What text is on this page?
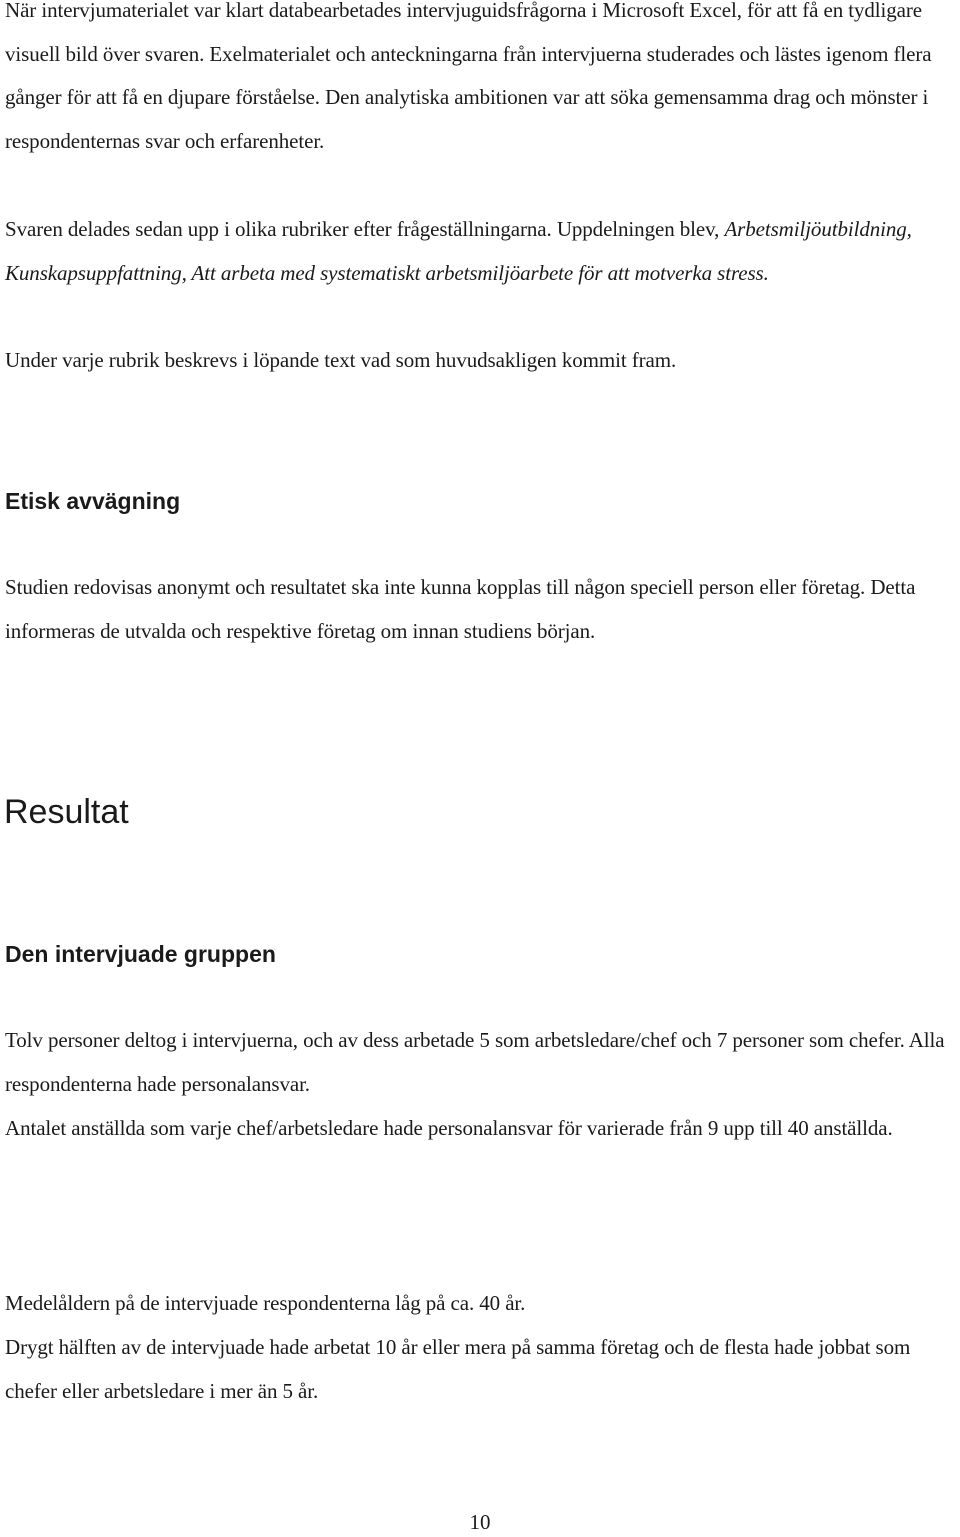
När intervjumaterialet var klart databearbetades intervjuguidsfrågorna i Microsoft Excel, för att få en tydligare visuell bild över svaren. Exelmaterialet och anteckningarna från intervjuerna studerades och lästes igenom flera gånger för att få en djupare förståelse. Den analytiska ambitionen var att söka gemensamma drag och mönster i respondenternas svar och erfarenheter.

Svaren delades sedan upp i olika rubriker efter frågeställningarna. Uppdelningen blev, Arbetsmiljöutbildning, Kunskapsuppfattning, Att arbeta med systematiskt arbetsmiljöarbete för att motverka stress.

Under varje rubrik beskrevs i löpande text vad som huvudsakligen kommit fram.

Etisk avvägning

Studien redovisas anonymt och resultatet ska inte kunna kopplas till någon speciell person eller företag. Detta informeras de utvalda och respektive företag om innan studiens början.

Resultat
Den intervjuade gruppen

Tolv personer deltog i intervjuerna, och av dess arbetade 5 som arbetsledare/chef och 7 personer som chefer. Alla respondenterna hade personalansvar.

Antalet anställda som varje chef/arbetsledare hade personalansvar för varierade från 9 upp till 40 anställda.

Medelåldern på de intervjuade respondenterna låg på ca. 40 år.

Drygt hälften av de intervjuade hade arbetat 10 år eller mera på samma företag och de flesta hade jobbat som chefer eller arbetsledare i mer än 5 år.

10
